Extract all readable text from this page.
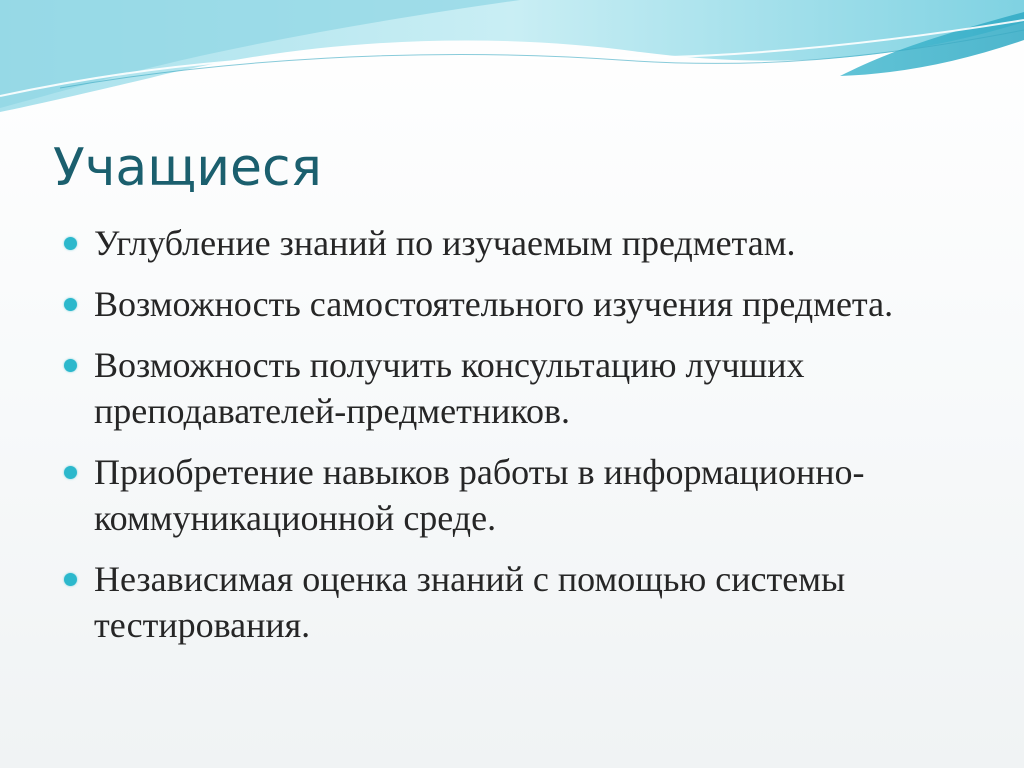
Учащиеся
Углубление знаний по изучаемым предметам.
Возможность самостоятельного изучения предмета.
Возможность получить консультацию лучших преподавателей-предметников.
Приобретение навыков работы в информационно-коммуникационной среде.
Независимая оценка знаний с помощью системы тестирования.
